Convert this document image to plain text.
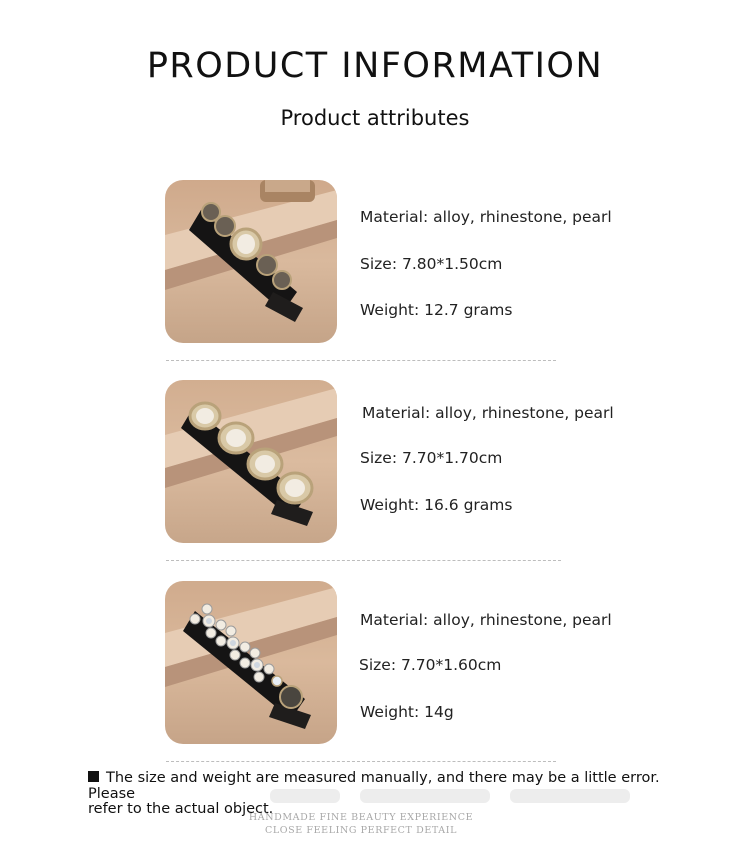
PRODUCT INFORMATION
Product attributes
Material: alloy, rhinestone, pearl
Size: 7.80*1.50cm
Weight: 12.7 grams
Material: alloy, rhinestone, pearl
Size: 7.70*1.70cm
Weight: 16.6 grams
Material: alloy, rhinestone, pearl
Size: 7.70*1.60cm
Weight: 14g
The size and weight are measured manually, and there may be a little error. Please
refer to the actual object.
HANDMADE FINE BEAUTY EXPERIENCE
CLOSE FEELING PERFECT DETAIL
